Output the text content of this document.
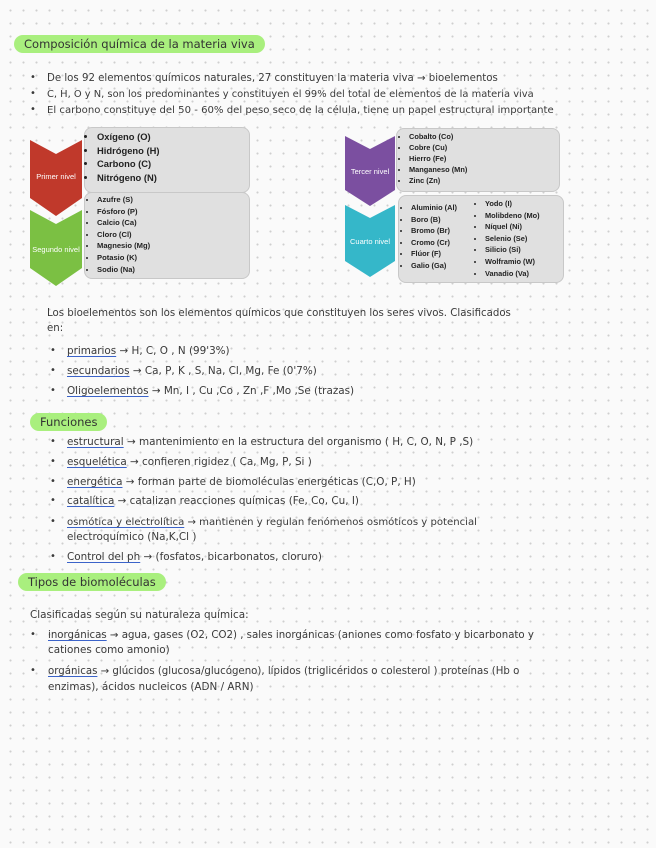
Composición química de la materia viva
• De los 92 elementos químicos naturales, 27 constituyen la materia viva → bioelementos
• C, H, O y N, son los predominantes y constituyen el 99% del total de elementos de la materia viva
• El carbono constituye del 50 - 60% del peso seco de la célula, tiene un papel estructural importante
Primer nivel
Segundo nivel
• Oxígeno (O)
• Hidrógeno (H)
• Carbono (C)
• Nitrógeno (N)
• Azufre (S)
• Fósforo (P)
• Calcio (Ca)
• Cloro (Cl)
• Magnesio (Mg)
• Potasio (K)
• Sodio (Na)
Tercer nivel
Cuarto nivel
• Cobalto (Co)
• Cobre (Cu)
• Hierro (Fe)
• Manganeso (Mn)
• Zinc (Zn)
• Aluminio (Al)
• Boro (B)
• Bromo (Br)
• Cromo (Cr)
• Flúor (F)
• Galio (Ga)
• Yodo (I)
• Molibdeno (Mo)
• Níquel (Ni)
• Selenio (Se)
• Silicio (Si)
• Wolframio (W)
• Vanadio (Va)
Los bioelementos son los elementos químicos que constituyen los seres vivos. Clasificados
en:
• primarios → H, C, O , N (99'3%)
• secundarios → Ca, P, K , S, Na, Cl, Mg, Fe (0'7%)
• Oligoelementos → Mn, I , Cu ,Co , Zn ,F ,Mo ,Se (trazas)
Funciones
• estructural → mantenimiento en la estructura del organismo ( H, C, O, N, P ,S)
• esquelética → confieren rigidez ( Ca, Mg, P, Si )
• energética → forman parte de biomoléculas energéticas (C,O, P, H)
• catalítica → catalizan reacciones químicas (Fe, Co, Cu, I)
• osmótica y electrolítica → mantienen y regulan fenómenos osmóticos y potencial
electroquímico (Na,K,Cl )
• Control del ph → (fosfatos, bicarbonatos, cloruro)
Tipos de biomoléculas
Clasificadas según su naturaleza química:
• inorgánicas → agua, gases (O2, CO2) , sales inorgánicas (aniones como fosfato y bicarbonato y
cationes como amonio)
• orgánicas → glúcidos (glucosa/glucógeno), lípidos (triglicéridos o colesterol ) proteínas (Hb o
enzimas), ácidos nucleicos (ADN / ARN)
